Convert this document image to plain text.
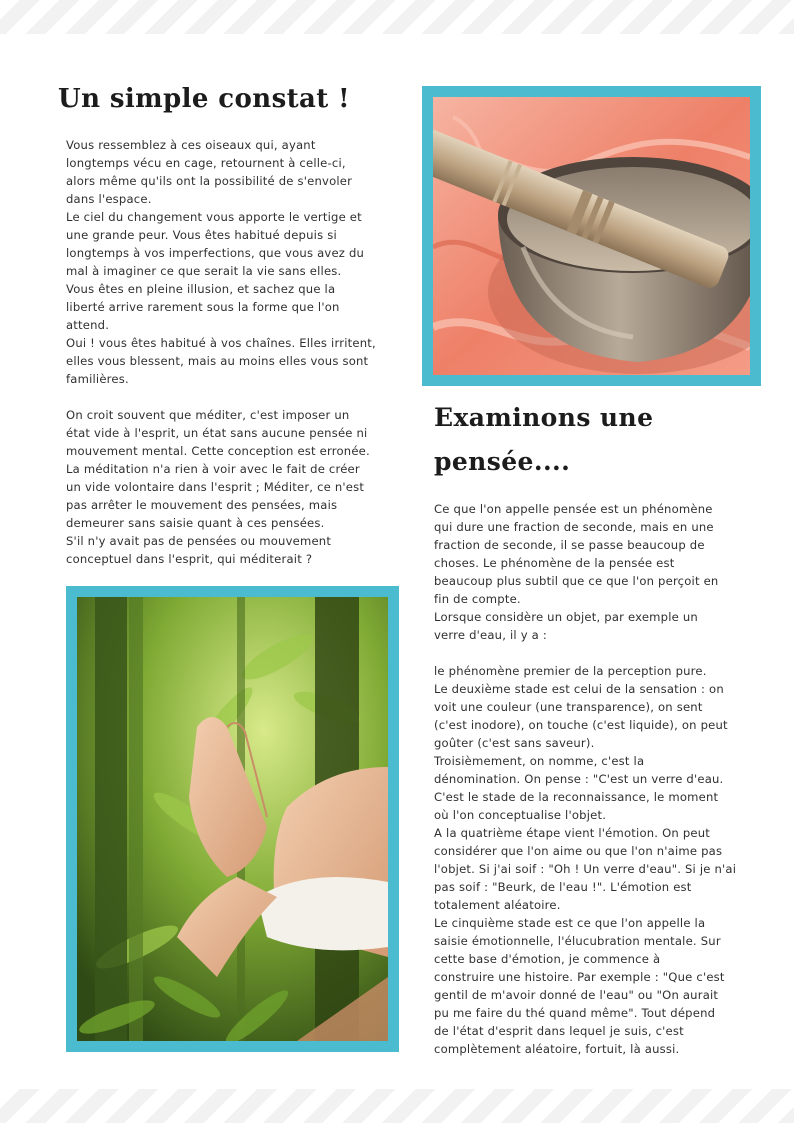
Un simple constat !

Vous ressemblez à ces oiseaux qui, ayant
longtemps vécu en cage, retournent à celle-ci,
alors même qu'ils ont la possibilité de s'envoler
dans l'espace.
Le ciel du changement vous apporte le vertige et
une grande peur. Vous êtes habitué depuis si
longtemps à vos imperfections, que vous avez du
mal à imaginer ce que serait la vie sans elles.
Vous êtes en pleine illusion, et sachez que la
liberté arrive rarement sous la forme que l'on
attend.
Oui ! vous êtes habitué à vos chaînes. Elles irritent,
elles vous blessent, mais au moins elles vous sont
familières.

On croit souvent que méditer, c'est imposer un
état vide à l'esprit, un état sans aucune pensée ni
mouvement mental. Cette conception est erronée.
La méditation n'a rien à voir avec le fait de créer
un vide volontaire dans l'esprit ; Méditer, ce n'est
pas arrêter le mouvement des pensées, mais
demeurer sans saisie quant à ces pensées.
S'il n'y avait pas de pensées ou mouvement
conceptuel dans l'esprit, qui méditerait ?

Examinons une pensée....

Ce que l'on appelle pensée est un phénomène
qui dure une fraction de seconde, mais en une
fraction de seconde, il se passe beaucoup de
choses. Le phénomène de la pensée est
beaucoup plus subtil que ce que l'on perçoit en
fin de compte.
Lorsque considère un objet, par exemple un
verre d'eau, il y a :

le phénomène premier de la perception pure.
Le deuxième stade est celui de la sensation : on
voit une couleur (une transparence), on sent
(c'est inodore), on touche (c'est liquide), on peut
goûter (c'est sans saveur).
Troisièmement, on nomme, c'est la
dénomination. On pense : "C'est un verre d'eau.
C'est le stade de la reconnaissance, le moment
où l'on conceptualise l'objet.
A la quatrième étape vient l'émotion. On peut
considérer que l'on aime ou que l'on n'aime pas
l'objet. Si j'ai soif : "Oh ! Un verre d'eau". Si je n'ai
pas soif : "Beurk, de l'eau !". L'émotion est
totalement aléatoire.
Le cinquième stade est ce que l'on appelle la
saisie émotionnelle, l'élucubration mentale. Sur
cette base d'émotion, je commence à
construire une histoire. Par exemple : "Que c'est
gentil de m'avoir donné de l'eau" ou "On aurait
pu me faire du thé quand même". Tout dépend
de l'état d'esprit dans lequel je suis, c'est
complètement aléatoire, fortuit, là aussi.
